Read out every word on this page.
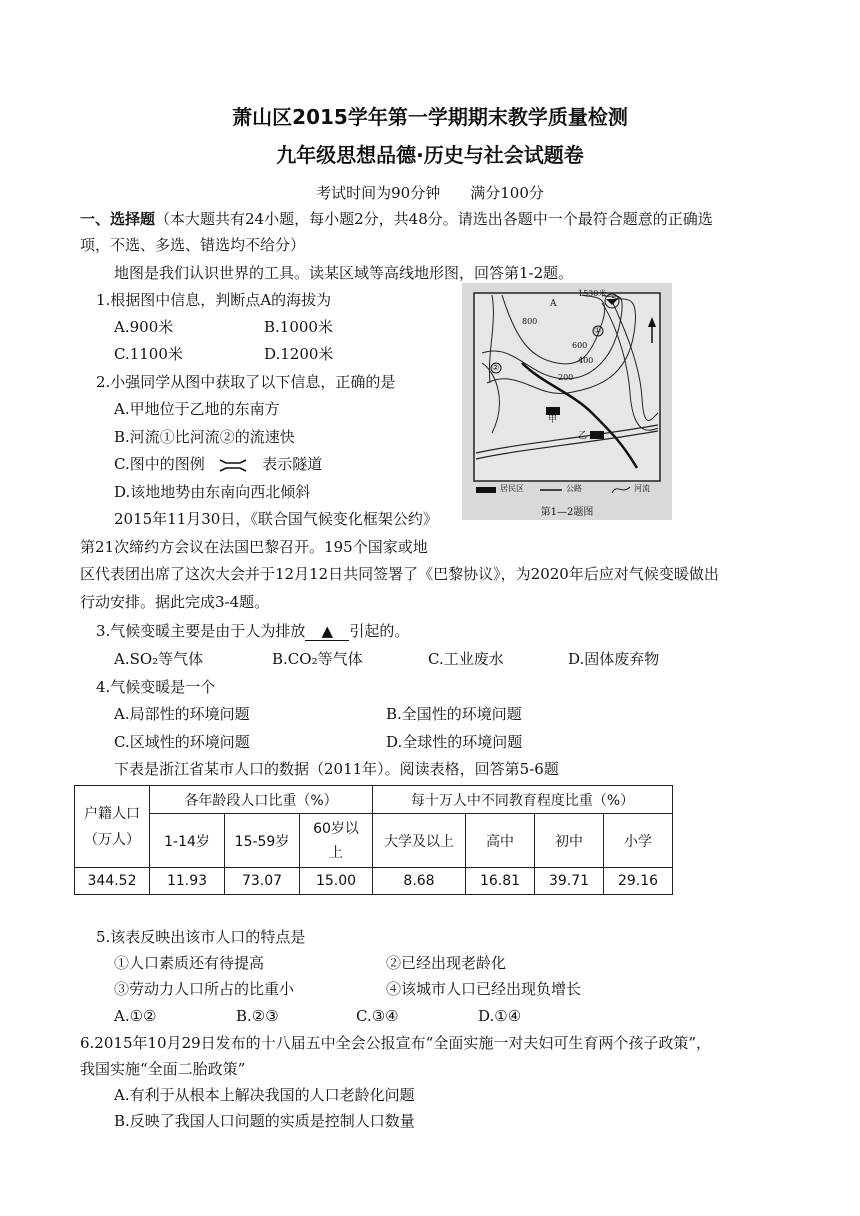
萧山区2015学年第一学期期末教学质量检测
九年级思想品德·历史与社会试题卷
考试时间为90分钟　　满分100分
一、选择题（本大题共有24小题，每小题2分，共48分。请选出各题中一个最符合题意的正确选
项，不选、多选、错选均不给分）
地图是我们认识世界的工具。读某区域等高线地形图，回答第1-2题。
1.根据图中信息，判断点A的海拔为
A.900米	B.1000米
C.1100米	D.1200米
2.小强同学从图中获取了以下信息，正确的是
A.甲地位于乙地的东南方
B.河流①比河流②的流速快
C.图中的图例	表示隧道
D.该地地势由东南向西北倾斜
1530米
A
800
600
400
200
①
②
甲
乙
居民区	公路	河流
第1—2题图
2015年11月30日，《联合国气候变化框架公约》
第21次缔约方会议在法国巴黎召开。195个国家或地
区代表团出席了这次大会并于12月12日共同签署了《巴黎协议》，为2020年后应对气候变暖做出
行动安排。据此完成3-4题。
3.气候变暖主要是由于人为排放 ▲ 引起的。
A.SO₂等气体	B.CO₂等气体	C.工业废水	D.固体废弃物
4.气候变暖是一个
A.局部性的环境问题	B.全国性的环境问题
C.区域性的环境问题	D.全球性的环境问题
下表是浙江省某市人口的数据（2011年）。阅读表格，回答第5-6题
户籍人口
（万人）	各年龄段人口比重（%）			每十万人中不同教育程度比重（%）			
	1-14岁	15-59岁	60岁以
上	大学及以上	高中	初中	小学
344.52	11.93	73.07	15.00	8.68	16.81	39.71	29.16
5.该表反映出该市人口的特点是
①人口素质还有待提高	②已经出现老龄化
③劳动力人口所占的比重小	④该城市人口已经出现负增长
A.①②	B.②③	C.③④	D.①④
6.2015年10月29日发布的十八届五中全会公报宣布“全面实施一对夫妇可生育两个孩子政策”，
我国实施“全面二胎政策”
A.有利于从根本上解决我国的人口老龄化问题
B.反映了我国人口问题的实质是控制人口数量
